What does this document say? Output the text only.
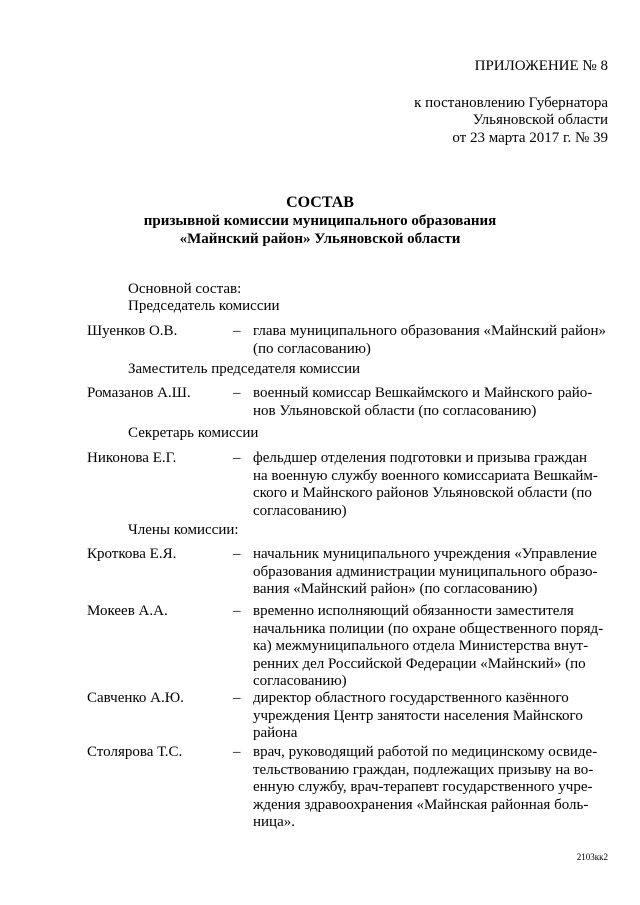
ПРИЛОЖЕНИЕ № 8
к постановлению Губернатора
Ульяновской области
от 23 марта 2017 г. № 39
СОСТАВ
призывной комиссии муниципального образования
«Майнский район» Ульяновской области
Основной состав:
Председатель комиссии
Шуенков О.В.	– глава муниципального образования «Майнский район»
(по согласованию)
Заместитель председателя комиссии
Ромазанов А.Ш.	– военный комиссар Вешкаймского и Майнского райо-
нов Ульяновской области (по согласованию)
Секретарь комиссии
Никонова Е.Г.	– фельдшер отделения подготовки и призыва граждан
на военную службу военного комиссариата Вешкайм-
ского и Майнского районов Ульяновской области (по
согласованию)
Члены комиссии:
Кроткова Е.Я.	– начальник муниципального учреждения «Управление
образования администрации муниципального образо-
вания «Майнский район» (по согласованию)
Мокеев А.А.	– временно исполняющий обязанности заместителя
начальника полиции (по охране общественного поряд-
ка) межмуниципального отдела Министерства внут-
ренних дел Российской Федерации «Майнский» (по
согласованию)
Савченко А.Ю.	– директор областного государственного казённого
учреждения Центр занятости населения Майнского
района
Столярова Т.С.	– врач, руководящий работой по медицинскому освиде-
тельствованию граждан, подлежащих призыву на во-
енную службу, врач-терапевт государственного учре-
ждения здравоохранения «Майнская районная боль-
ница».
2103кк2
